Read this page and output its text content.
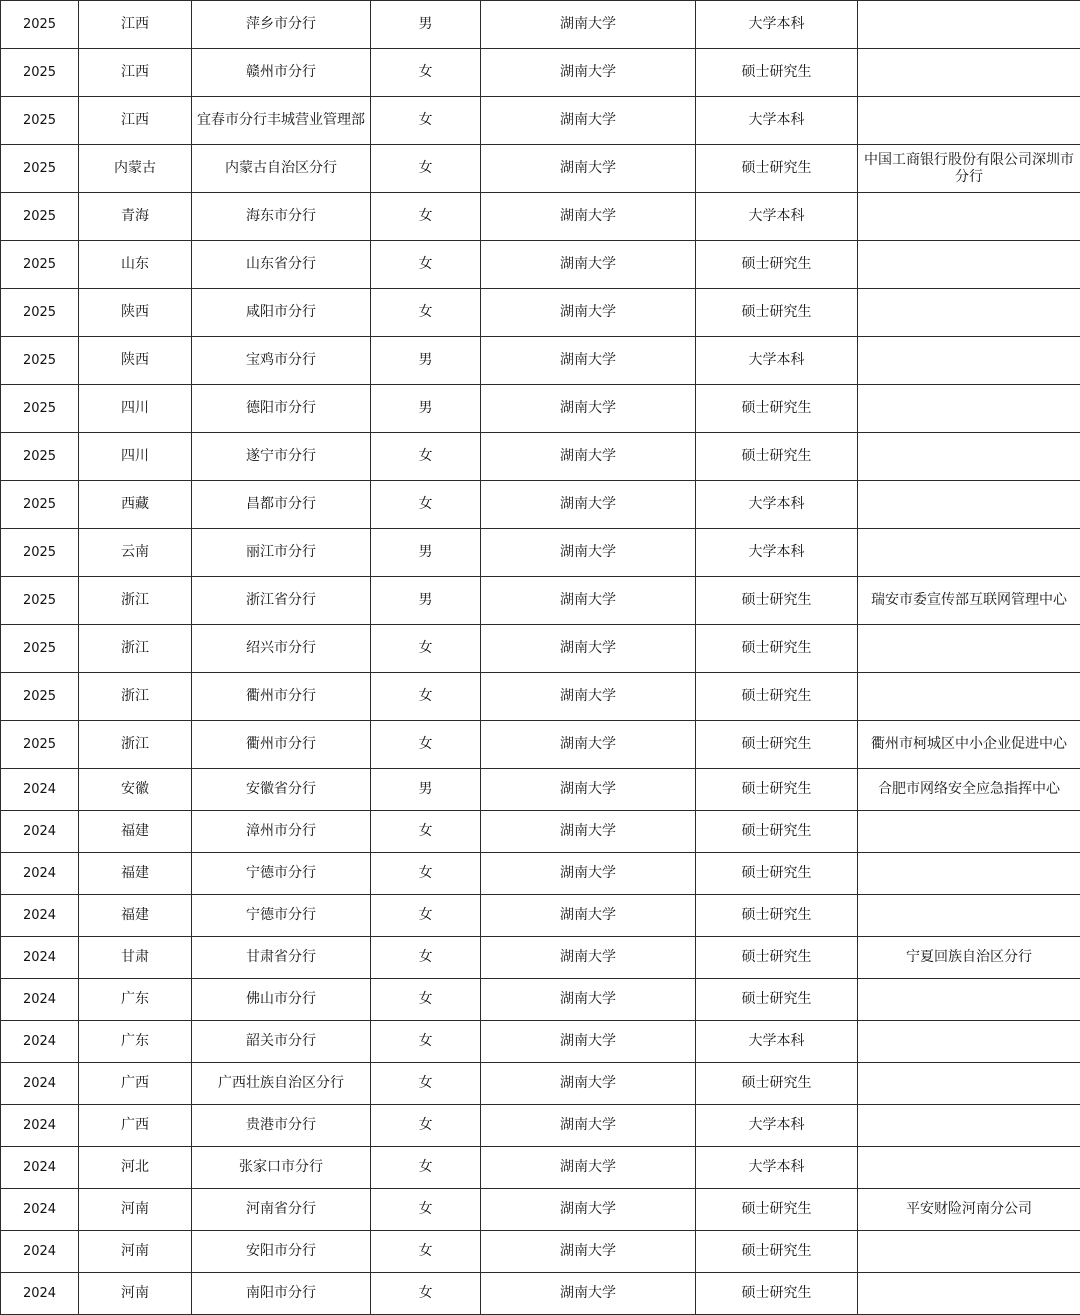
2025	江西	萍乡市分行	男	湖南大学	大学本科	
2025	江西	赣州市分行	女	湖南大学	硕士研究生	
2025	江西	宜春市分行丰城营业管理部	女	湖南大学	大学本科	
2025	内蒙古	内蒙古自治区分行	女	湖南大学	硕士研究生	中国工商银行股份有限公司深圳市分行
2025	青海	海东市分行	女	湖南大学	大学本科	
2025	山东	山东省分行	女	湖南大学	硕士研究生	
2025	陕西	咸阳市分行	女	湖南大学	硕士研究生	
2025	陕西	宝鸡市分行	男	湖南大学	大学本科	
2025	四川	德阳市分行	男	湖南大学	硕士研究生	
2025	四川	遂宁市分行	女	湖南大学	硕士研究生	
2025	西藏	昌都市分行	女	湖南大学	大学本科	
2025	云南	丽江市分行	男	湖南大学	大学本科	
2025	浙江	浙江省分行	男	湖南大学	硕士研究生	瑞安市委宣传部互联网管理中心
2025	浙江	绍兴市分行	女	湖南大学	硕士研究生	
2025	浙江	衢州市分行	女	湖南大学	硕士研究生	
2025	浙江	衢州市分行	女	湖南大学	硕士研究生	衢州市柯城区中小企业促进中心
2024	安徽	安徽省分行	男	湖南大学	硕士研究生	合肥市网络安全应急指挥中心
2024	福建	漳州市分行	女	湖南大学	硕士研究生	
2024	福建	宁德市分行	女	湖南大学	硕士研究生	
2024	福建	宁德市分行	女	湖南大学	硕士研究生	
2024	甘肃	甘肃省分行	女	湖南大学	硕士研究生	宁夏回族自治区分行
2024	广东	佛山市分行	女	湖南大学	硕士研究生	
2024	广东	韶关市分行	女	湖南大学	大学本科	
2024	广西	广西壮族自治区分行	女	湖南大学	硕士研究生	
2024	广西	贵港市分行	女	湖南大学	大学本科	
2024	河北	张家口市分行	女	湖南大学	大学本科	
2024	河南	河南省分行	女	湖南大学	硕士研究生	平安财险河南分公司
2024	河南	安阳市分行	女	湖南大学	硕士研究生	
2024	河南	南阳市分行	女	湖南大学	硕士研究生	
